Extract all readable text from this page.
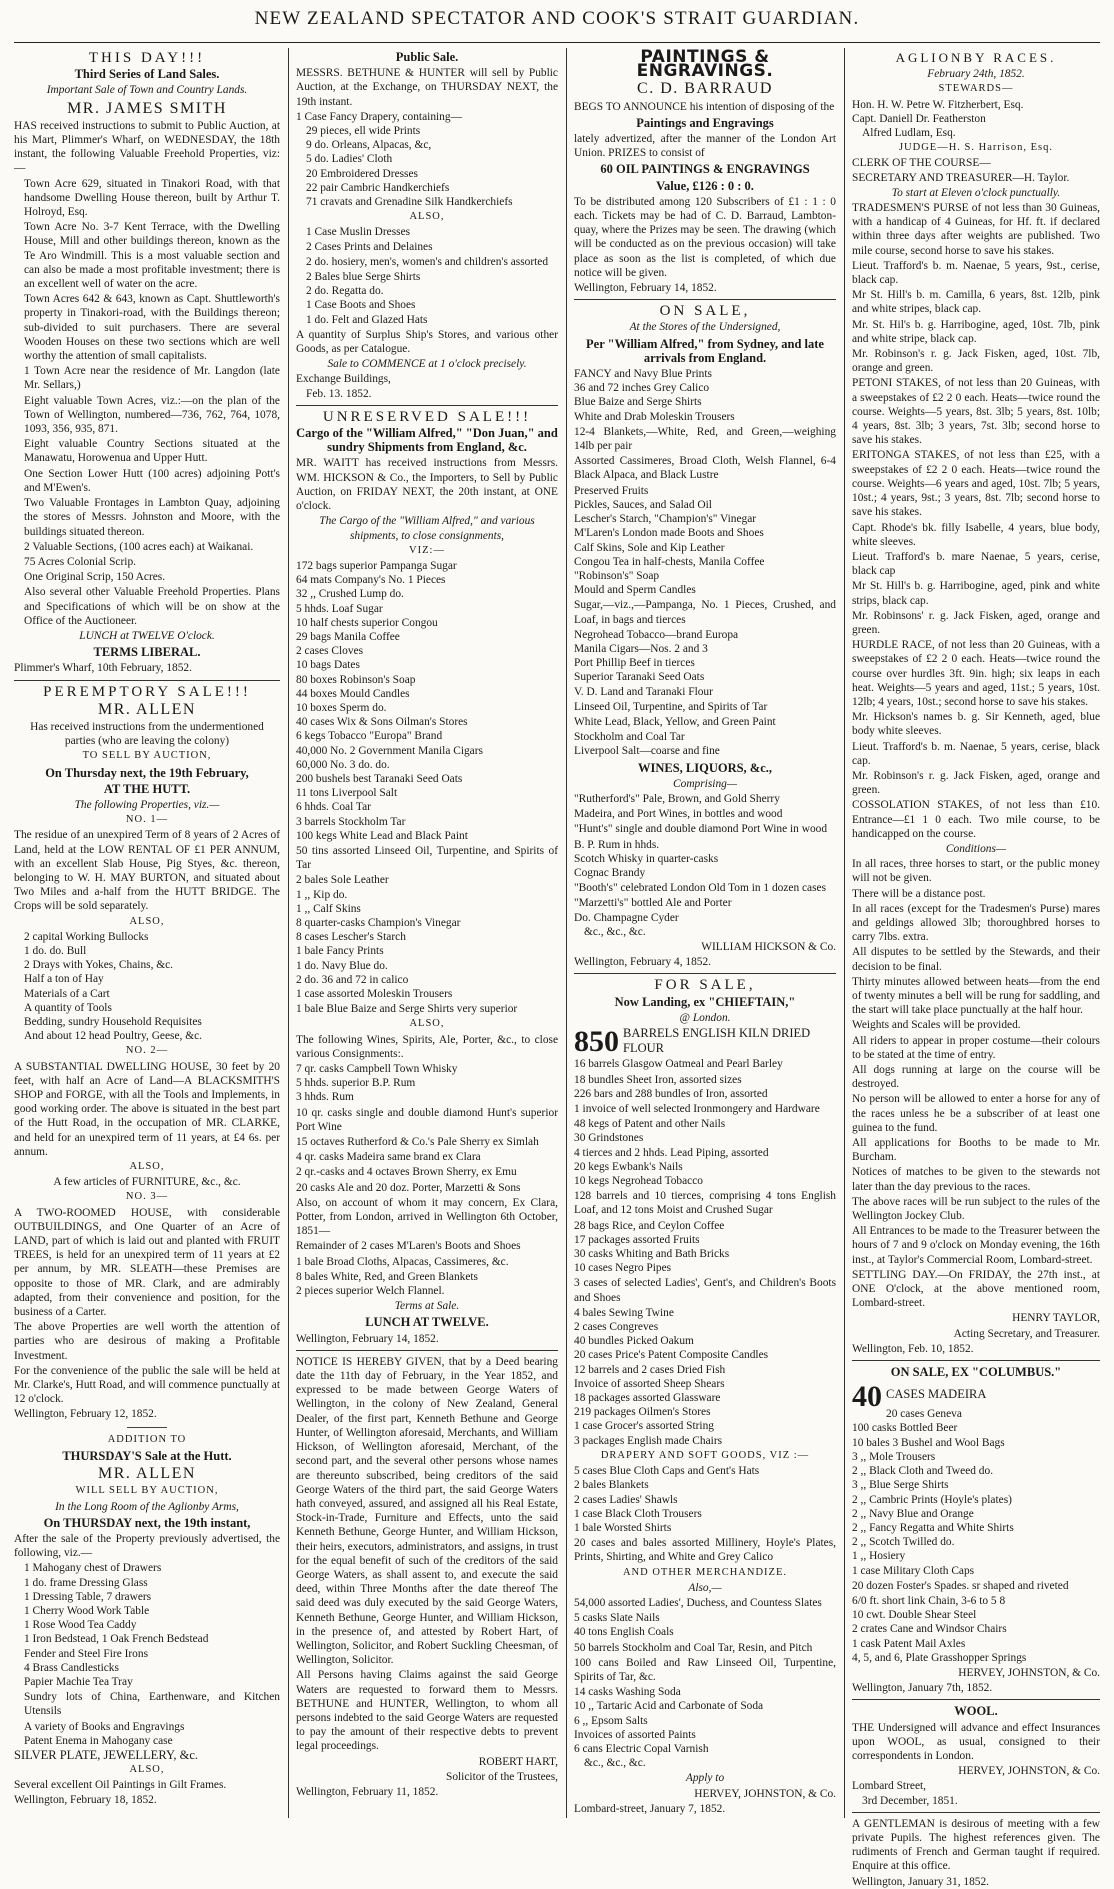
NEW ZEALAND SPECTATOR AND COOK'S STRAIT GUARDIAN.
THIS DAY!!!
Third Series of Land Sales.
Important Sale of Town and Country Lands.
MR. JAMES SMITH
HAS received instructions to submit to Public Auction, at his Mart, Plimmer's Wharf, on WEDNESDAY, the 18th instant, the following Valuable Freehold Properties, viz:—
Town Acre 629, situated in Tinakori Road, with that handsome Dwelling House thereon, built by Arthur T. Holroyd, Esq.
Town Acre No. 3-7 Kent Terrace, with the Dwelling House, Mill and other buildings thereon, known as the Te Aro Windmill. This is a most valuable section and can also be made a most profitable investment; there is an excellent well of water on the acre.
Town Acres 642 & 643, known as Capt. Shuttleworth's property in Tinakori-road, with the Buildings thereon; sub-divided to suit purchasers. There are several Wooden Houses on these two sections which are well worthy the attention of small capitalists.
1 Town Acre near the residence of Mr. Langdon (late Mr. Sellars,)
Eight valuable Town Acres, viz.:—on the plan of the Town of Wellington, numbered—736, 762, 764, 1078, 1093, 356, 935, 871.
Eight valuable Country Sections situated at the Manawatu, Horowenua and Upper Hutt.
One Section Lower Hutt (100 acres) adjoining Pott's and M'Ewen's.
Two Valuable Frontages in Lambton Quay, adjoining the stores of Messrs. Johnston and Moore, with the buildings situated thereon.
2 Valuable Sections, (100 acres each) at Waikanai.
75 Acres Colonial Scrip.
One Original Scrip, 150 Acres.
Also several other Valuable Freehold Properties. Plans and Specifications of which will be on show at the Office of the Auctioneer.
LUNCH at TWELVE O'clock.
TERMS LIBERAL.
Plimmer's Wharf, 10th February, 1852.
PEREMPTORY SALE!!!
MR. ALLEN
Has received instructions from the undermentioned parties (who are leaving the colony)
TO SELL BY AUCTION,
On Thursday next, the 19th February,
AT THE HUTT.
The following Properties, viz.—
NO. 1—
The residue of an unexpired Term of 8 years of 2 Acres of Land, held at the LOW RENTAL OF £1 PER ANNUM, with an excellent Slab House, Pig Styes, &c. thereon, belonging to W. H. MAY BURTON, and situated about Two Miles and a-half from the HUTT BRIDGE. The Crops will be sold separately.
ALSO,
2 capital Working Bullocks
1 do. do. Bull
2 Drays with Yokes, Chains, &c.
Half a ton of Hay
Materials of a Cart
A quantity of Tools
Bedding, sundry Household Requisites
And about 12 head Poultry, Geese, &c.
NO. 2—
A SUBSTANTIAL DWELLING HOUSE, 30 feet by 20 feet, with half an Acre of Land—A BLACKSMITH'S SHOP and FORGE, with all the Tools and Implements, in good working order. The above is situated in the best part of the Hutt Road, in the occupation of MR. CLARKE, and held for an unexpired term of 11 years, at £4 6s. per annum.
ALSO,
A few articles of FURNITURE, &c., &c.
NO. 3—
A TWO-ROOMED HOUSE, with considerable OUTBUILDINGS, and One Quarter of an Acre of LAND, part of which is laid out and planted with FRUIT TREES, is held for an unexpired term of 11 years at £2 per annum, by MR. SLEATH—these Premises are opposite to those of MR. Clark, and are admirably adapted, from their convenience and position, for the business of a Carter.
The above Properties are well worth the attention of parties who are desirous of making a Profitable Investment.
For the convenience of the public the sale will be held at Mr. Clarke's, Hutt Road, and will commence punctually at 12 o'clock.
Wellington, February 12, 1852.
ADDITION TO
THURSDAY'S Sale at the Hutt.
MR. ALLEN
WILL SELL BY AUCTION,
In the Long Room of the Aglionby Arms,
On THURSDAY next, the 19th instant,
After the sale of the Property previously advertised, the following, viz.—
1 Mahogany chest of Drawers
1 do. frame Dressing Glass
1 Dressing Table, 7 drawers
1 Cherry Wood Work Table
1 Rose Wood Tea Caddy
1 Iron Bedstead, 1 Oak French Bedstead
Fender and Steel Fire Irons
4 Brass Candlesticks
Papier Machie Tea Tray
Sundry lots of China, Earthenware, and Kitchen Utensils
A variety of Books and Engravings
Patent Enema in Mahogany case
SILVER PLATE, JEWELLERY, &c.
ALSO,
Several excellent Oil Paintings in Gilt Frames.
Wellington, February 18, 1852.
Public Sale.
MESSRS. BETHUNE & HUNTER will sell by Public Auction, at the Exchange, on THURSDAY NEXT, the 19th instant.
1 Case Fancy Drapery, containing—
29 pieces, ell wide Prints
9 do. Orleans, Alpacas, &c,
5 do. Ladies' Cloth
20 Embroidered Dresses
22 pair Cambric Handkerchiefs
71 cravats and Grenadine Silk Handkerchiefs
ALSO,
1 Case Muslin Dresses
2 Cases Prints and Delaines
2 do. hosiery, men's, women's and children's assorted
2 Bales blue Serge Shirts
2 do. Regatta do.
1 Case Boots and Shoes
1 do. Felt and Glazed Hats
A quantity of Surplus Ship's Stores, and various other Goods, as per Catalogue.
Sale to COMMENCE at 1 o'clock precisely.
Exchange Buildings,
Feb. 13. 1852.
UNRESERVED SALE!!!
Cargo of the "William Alfred," "Don Juan," and sundry Shipments from England, &c.
MR. WAITT has received instructions from Messrs. WM. HICKSON & Co., the Importers, to Sell by Public Auction, on FRIDAY NEXT, the 20th instant, at ONE o'clock.
The Cargo of the "William Alfred," and various shipments, to close consignments,
VIZ:—
172 bags superior Pampanga Sugar
64 mats Company's No. 1 Pieces
32 ,, Crushed Lump do.
5 hhds. Loaf Sugar
10 half chests superior Congou
29 bags Manila Coffee
2 cases Cloves
10 bags Dates
80 boxes Robinson's Soap
44 boxes Mould Candles
10 boxes Sperm do.
40 cases Wix & Sons Oilman's Stores
6 kegs Tobacco "Europa" Brand
40,000 No. 2 Government Manila Cigars
60,000 No. 3 do. do.
200 bushels best Taranaki Seed Oats
11 tons Liverpool Salt
6 hhds. Coal Tar
3 barrels Stockholm Tar
100 kegs White Lead and Black Paint
50 tins assorted Linseed Oil, Turpentine, and Spirits of Tar
2 bales Sole Leather
1 ,, Kip do.
1 ,, Calf Skins
8 quarter-casks Champion's Vinegar
8 cases Lescher's Starch
1 bale Fancy Prints
1 do. Navy Blue do.
2 do. 36 and 72 in calico
1 case assorted Moleskin Trousers
1 bale Blue Baize and Serge Shirts very superior
ALSO,
The following Wines, Spirits, Ale, Porter, &c., to close various Consignments:.
7 qr. casks Campbell Town Whisky
5 hhds. superior B.P. Rum
3 hhds. Rum
10 qr. casks single and double diamond Hunt's superior Port Wine
15 octaves Rutherford & Co.'s Pale Sherry ex Simlah
4 qr. casks Madeira same brand ex Clara
2 qr.-casks and 4 octaves Brown Sherry, ex Emu
20 casks Ale and 20 doz. Porter, Marzetti & Sons
Also, on account of whom it may concern, Ex Clara, Potter, from London, arrived in Wellington 6th October, 1851—
Remainder of 2 cases M'Laren's Boots and Shoes
1 bale Broad Cloths, Alpacas, Cassimeres, &c.
8 bales White, Red, and Green Blankets
2 pieces superior Welch Flannel.
Terms at Sale.
LUNCH AT TWELVE.
Wellington, February 14, 1852.
NOTICE IS HEREBY GIVEN, that by a Deed bearing date the 11th day of February, in the Year 1852, and expressed to be made between George Waters of Wellington, in the colony of New Zealand, General Dealer, of the first part, Kenneth Bethune and George Hunter, of Wellington aforesaid, Merchants, and William Hickson, of Wellington aforesaid, Merchant, of the second part, and the several other persons whose names are thereunto subscribed, being creditors of the said George Waters of the third part, the said George Waters hath conveyed, assured, and assigned all his Real Estate, Stock-in-Trade, Furniture and Effects, unto the said Kenneth Bethune, George Hunter, and William Hickson, their heirs, executors, administrators, and assigns, in trust for the equal benefit of such of the creditors of the said George Waters, as shall assent to, and execute the said deed, within Three Months after the date thereof The said deed was duly executed by the said George Waters, Kenneth Bethune, George Hunter, and William Hickson, in the presence of, and attested by Robert Hart, of Wellington, Solicitor, and Robert Suckling Cheesman, of Wellington, Solicitor.
All Persons having Claims against the said George Waters are requested to forward them to Messrs. BETHUNE and HUNTER, Wellington, to whom all persons indebted to the said George Waters are requested to pay the amount of their respective debts to prevent legal proceedings.
ROBERT HART,
Solicitor of the Trustees,
Wellington, February 11, 1852.
PAINTINGS & ENGRAVINGS.
C. D. BARRAUD
BEGS TO ANNOUNCE his intention of disposing of the
Paintings and Engravings
lately advertized, after the manner of the London Art Union. PRIZES to consist of
60 OIL PAINTINGS & ENGRAVINGS
Value, £126 : 0 : 0.
To be distributed among 120 Subscribers of £1 : 1 : 0 each. Tickets may be had of C. D. Barraud, Lambton-quay, where the Prizes may be seen. The drawing (which will be conducted as on the previous occasion) will take place as soon as the list is completed, of which due notice will be given.
Wellington, February 14, 1852.
ON SALE,
At the Stores of the Undersigned,
Per "William Alfred," from Sydney, and late arrivals from England.
FANCY and Navy Blue Prints
36 and 72 inches Grey Calico
Blue Baize and Serge Shirts
White and Drab Moleskin Trousers
12-4 Blankets,—White, Red, and Green,—weighing 14lb per pair
Assorted Cassimeres, Broad Cloth, Welsh Flannel, 6-4 Black Alpaca, and Black Lustre
Preserved Fruits
Pickles, Sauces, and Salad Oil
Lescher's Starch, "Champion's" Vinegar
M'Laren's London made Boots and Shoes
Calf Skins, Sole and Kip Leather
Congou Tea in half-chests, Manila Coffee
"Robinson's" Soap
Mould and Sperm Candles
Sugar,—viz.,—Pampanga, No. 1 Pieces, Crushed, and Loaf, in bags and tierces
Negrohead Tobacco—brand Europa
Manila Cigars—Nos. 2 and 3
Port Phillip Beef in tierces
Superior Taranaki Seed Oats
V. D. Land and Taranaki Flour
Linseed Oil, Turpentine, and Spirits of Tar
White Lead, Black, Yellow, and Green Paint
Stockholm and Coal Tar
Liverpool Salt—coarse and fine
WINES, LIQUORS, &c.,
Comprising—
"Rutherford's" Pale, Brown, and Gold Sherry
Madeira, and Port Wines, in bottles and wood
"Hunt's" single and double diamond Port Wine in wood
B. P. Rum in hhds.
Scotch Whisky in quarter-casks
Cognac Brandy
"Booth's" celebrated London Old Tom in 1 dozen cases
"Marzetti's" bottled Ale and Porter
Do. Champagne Cyder
&c., &c., &c.
WILLIAM HICKSON & Co.
Wellington, February 4, 1852.
FOR SALE,
Now Landing, ex "CHIEFTAIN,"
@ London.
850 BARRELS ENGLISH KILN DRIED FLOUR
16 barrels Glasgow Oatmeal and Pearl Barley
18 bundles Sheet Iron, assorted sizes
226 bars and 288 bundles of Iron, assorted
1 invoice of well selected Ironmongery and Hardware
48 kegs of Patent and other Nails
30 Grindstones
4 tierces and 2 hhds. Lead Piping, assorted
20 kegs Ewbank's Nails
10 kegs Negrohead Tobacco
128 barrels and 10 tierces, comprising 4 tons English Loaf, and 12 tons Moist and Crushed Sugar
28 bags Rice, and Ceylon Coffee
17 packages assorted Fruits
30 casks Whiting and Bath Bricks
10 cases Negro Pipes
3 cases of selected Ladies', Gent's, and Children's Boots and Shoes
4 bales Sewing Twine
2 cases Congreves
40 bundles Picked Oakum
20 cases Price's Patent Composite Candles
12 barrels and 2 cases Dried Fish
Invoice of assorted Sheep Shears
18 packages assorted Glassware
219 packages Oilmen's Stores
1 case Grocer's assorted String
3 packages English made Chairs
DRAPERY AND SOFT GOODS, VIZ :—
5 cases Blue Cloth Caps and Gent's Hats
2 bales Blankets
2 cases Ladies' Shawls
1 case Black Cloth Trousers
1 bale Worsted Shirts
20 cases and bales assorted Millinery, Hoyle's Plates, Prints, Shirting, and White and Grey Calico
AND OTHER MERCHANDIZE.
Also,—
54,000 assorted Ladies', Duchess, and Countess Slates
5 casks Slate Nails
40 tons English Coals
50 barrels Stockholm and Coal Tar, Resin, and Pitch
100 cans Boiled and Raw Linseed Oil, Turpentine, Spirits of Tar, &c.
14 casks Washing Soda
10 ,, Tartaric Acid and Carbonate of Soda
6 ,, Epsom Salts
Invoices of assorted Paints
6 cans Electric Copal Varnish
&c., &c., &c.
Apply to
HERVEY, JOHNSTON, & Co.
Lombard-street, January 7, 1852.
AGLIONBY RACES.
February 24th, 1852.
STEWARDS—
Hon. H. W. Petre W. Fitzherbert, Esq.
Capt. Daniell Dr. Featherston
Alfred Ludlam, Esq.
JUDGE—H. S. Harrison, Esq.
CLERK OF THE COURSE—
SECRETARY AND TREASURER—H. Taylor.
To start at Eleven o'clock punctually.
TRADESMEN'S PURSE of not less than 30 Guineas, with a handicap of 4 Guineas, for Hf. ft. if declared within three days after weights are published. Two mile course, second horse to save his stakes.
Lieut. Trafford's b. m. Naenae, 5 years, 9st., cerise, black cap.
Mr St. Hill's b. m. Camilla, 6 years, 8st. 12lb, pink and white stripes, black cap.
Mr. St. Hil's b. g. Harribogine, aged, 10st. 7lb, pink and white stripe, black cap.
Mr. Robinson's r. g. Jack Fisken, aged, 10st. 7lb, orange and green.
PETONI STAKES, of not less than 20 Guineas, with a sweepstakes of £2 2 0 each. Heats—twice round the course. Weights—5 years, 8st. 3lb; 5 years, 8st. 10lb; 4 years, 8st. 3lb; 3 years, 7st. 3lb; second horse to save his stakes.
ERITONGA STAKES, of not less than £25, with a sweepstakes of £2 2 0 each. Heats—twice round the course. Weights—6 years and aged, 10st. 7lb; 5 years, 10st.; 4 years, 9st.; 3 years, 8st. 7lb; second horse to save his stakes.
Capt. Rhode's bk. filly Isabelle, 4 years, blue body, white sleeves.
Lieut. Trafford's b. mare Naenae, 5 years, cerise, black cap
Mr St. Hill's b. g. Harribogine, aged, pink and white strips, black cap.
Mr. Robinsons' r. g. Jack Fisken, aged, orange and green.
HURDLE RACE, of not less than 20 Guineas, with a sweepstakes of £2 2 0 each. Heats—twice round the course over hurdles 3ft. 9in. high; six leaps in each heat. Weights—5 years and aged, 11st.; 5 years, 10st. 12lb; 4 years, 10st.; second horse to save his stakes.
Mr. Hickson's names b. g. Sir Kenneth, aged, blue body white sleeves.
Lieut. Trafford's b. m. Naenae, 5 years, cerise, black cap.
Mr. Robinson's r. g. Jack Fisken, aged, orange and green.
COSSOLATION STAKES, of not less than £10. Entrance—£1 1 0 each. Two mile course, to be handicapped on the course.
Conditions—
In all races, three horses to start, or the public money will not be given.
There will be a distance post.
In all races (except for the Tradesmen's Purse) mares and geldings allowed 3lb; thoroughbred horses to carry 7lbs. extra.
All disputes to be settled by the Stewards, and their decision to be final.
Thirty minutes allowed between heats—from the end of twenty minutes a bell will be rung for saddling, and the start will take place punctually at the half hour.
Weights and Scales will be provided.
All riders to appear in proper costume—their colours to be stated at the time of entry.
All dogs running at large on the course will be destroyed.
No person will be allowed to enter a horse for any of the races unless he be a subscriber of at least one guinea to the fund.
All applications for Booths to be made to Mr. Burcham.
Notices of matches to be given to the stewards not later than the day previous to the races.
The above races will be run subject to the rules of the Wellington Jockey Club.
All Entrances to be made to the Treasurer between the hours of 7 and 9 o'clock on Monday evening, the 16th inst., at Taylor's Commercial Room, Lombard-street.
SETTLING DAY.—On FRIDAY, the 27th inst., at ONE O'clock, at the above mentioned room, Lombard-street.
HENRY TAYLOR,
Acting Secretary, and Treasurer.
Wellington, Feb. 10, 1852.
ON SALE, EX "COLUMBUS."
40 CASES MADEIRA
20 cases Geneva
100 casks Bottled Beer
10 bales 3 Bushel and Wool Bags
3 ,, Mole Trousers
2 ,, Black Cloth and Tweed do.
3 ,, Blue Serge Shirts
2 ,, Cambric Prints (Hoyle's plates)
2 ,, Navy Blue and Orange
2 ,, Fancy Regatta and White Shirts
2 ,, Scotch Twilled do.
1 ,, Hosiery
1 case Military Cloth Caps
20 dozen Foster's Spades. sr shaped and riveted
6/0 ft. short link Chain, 3-6 to 5 8
10 cwt. Double Shear Steel
2 crates Cane and Windsor Chairs
1 cask Patent Mail Axles
4, 5, and 6, Plate Grasshopper Springs
HERVEY, JOHNSTON, & Co.
Wellington, January 7th, 1852.
WOOL.
THE Undersigned will advance and effect Insurances upon WOOL, as usual, consigned to their correspondents in London.
HERVEY, JOHNSTON, & Co.
Lombard Street,
3rd December, 1851.
A GENTLEMAN is desirous of meeting with a few private Pupils. The highest references given. The rudiments of French and German taught if required. Enquire at this office.
Wellington, January 31, 1852.
